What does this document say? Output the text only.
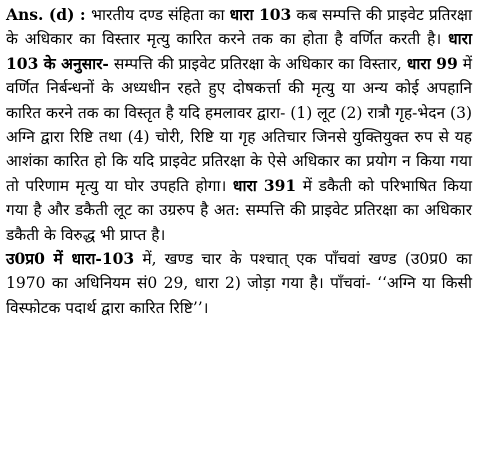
Ans. (d) : भारतीय दण्ड संहिता का धारा 103 कब सम्पत्ति की प्राइवेट प्रतिरक्षा के अधिकार का विस्तार मृत्यु कारित करने तक का होता है वर्णित करती है। धारा 103 के अनुसार- सम्पत्ति की प्राइवेट प्रतिरक्षा के अधिकार का विस्तार, धारा 99 में वर्णित निर्बन्धनों के अध्यधीन रहते हुए दोषकर्त्ता की मृत्यु या अन्य कोई अपहानि कारित करने तक का विस्तृत है यदि हमलावर द्वारा- (1) लूट (2) रात्रौ गृह-भेदन (3) अग्नि द्वारा रिष्टि तथा (4) चोरी, रिष्टि या गृह अतिचार जिनसे युक्तियुक्त रुप से यह आशंका कारित हो कि यदि प्राइवेट प्रतिरक्षा के ऐसे अधिकार का प्रयोग न किया गया तो परिणाम मृत्यु या घोर उपहति होगा। धारा 391 में डकैती को परिभाषित किया गया है और डकैती लूट का उग्ररुप है अत: सम्पत्ति की प्राइवेट प्रतिरक्षा का अधिकार डकैती के विरुद्ध भी प्राप्त है।

उ0प्र0 में धारा-103 में, खण्ड चार के पश्चात् एक पाँचवां खण्ड (उ0प्र0 का 1970 का अधिनियम सं0 29, धारा 2) जोड़ा गया है। पाँचवां- ‘‘अग्नि या किसी विस्फोटक पदार्थ द्वारा कारित रिष्टि’’।
